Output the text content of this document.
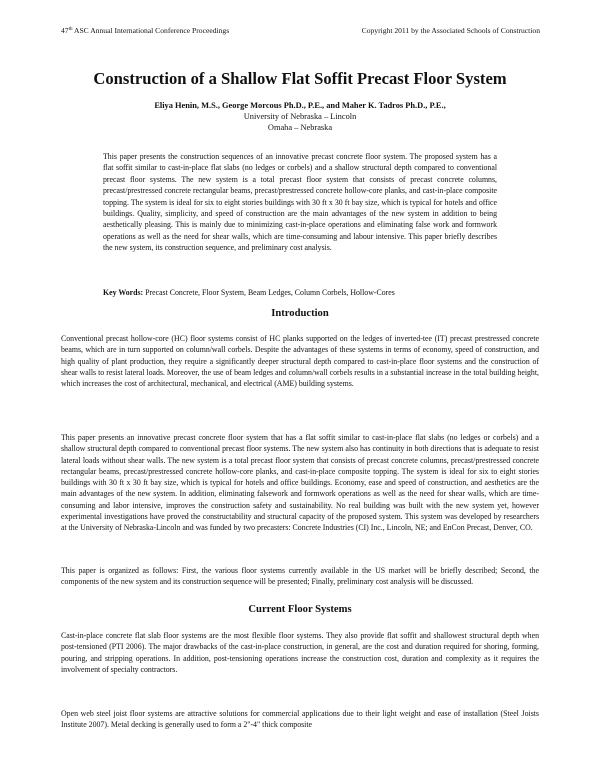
47th ASC Annual International Conference Proceedings	Copyright 2011 by the Associated Schools of Construction
Construction of a Shallow Flat Soffit Precast Floor System
Eliya Henin, M.S., George Morcous Ph.D., P.E., and Maher K. Tadros Ph.D., P.E.,
University of Nebraska – Lincoln
Omaha – Nebraska

This paper presents the construction sequences of an innovative precast concrete floor system. The proposed system has a flat soffit similar to cast-in-place flat slabs (no ledges or corbels) and a shallow structural depth compared to conventional precast floor systems. The new system is a total precast floor system that consists of precast concrete columns, precast/prestressed concrete rectangular beams, precast/prestressed concrete hollow-core planks, and cast-in-place composite topping. The system is ideal for six to eight stories buildings with 30 ft x 30 ft bay size, which is typical for hotels and office buildings. Quality, simplicity, and speed of construction are the main advantages of the new system in addition to being aesthetically pleasing. This is mainly due to minimizing cast-in-place operations and eliminating false work and formwork operations as well as the need for shear walls, which are time-consuming and labour intensive. This paper briefly describes the new system, its construction sequence, and preliminary cost analysis.

Key Words: Precast Concrete, Floor System, Beam Ledges, Column Corbels, Hollow-Cores
Introduction

Conventional precast hollow-core (HC) floor systems consist of HC planks supported on the ledges of inverted-tee (IT) precast prestressed concrete beams, which are in turn supported on column/wall corbels. Despite the advantages of these systems in terms of economy, speed of construction, and high quality of plant production, they require a significantly deeper structural depth compared to cast-in-place floor systems and the construction of shear walls to resist lateral loads. Moreover, the use of beam ledges and column/wall corbels results in a substantial increase in the total building height, which increases the cost of architectural, mechanical, and electrical (AME) building systems.

This paper presents an innovative precast concrete floor system that has a flat soffit similar to cast-in-place flat slabs (no ledges or corbels) and a shallow structural depth compared to conventional precast floor systems. The new system also has continuity in both directions that is adequate to resist lateral loads without shear walls. The new system is a total precast floor system that consists of precast concrete columns, precast/prestressed concrete rectangular beams, precast/prestressed concrete hollow-core planks, and cast-in-place composite topping. The system is ideal for six to eight stories buildings with 30 ft x 30 ft bay size, which is typical for hotels and office buildings. Economy, ease and speed of construction, and aesthetics are the main advantages of the new system. In addition, eliminating falsework and formwork operations as well as the need for shear walls, which are time-consuming and labor intensive, improves the construction safety and sustainability. No real building was built with the new system yet, however experimental investigations have proved the constructability and structural capacity of the proposed system. This system was developed by researchers at the University of Nebraska-Lincoln and was funded by two precasters: Concrete Industries (CI) Inc., Lincoln, NE; and EnCon Precast, Denver, CO.

This paper is organized as follows: First, the various floor systems currently available in the US market will be briefly described; Second, the components of the new system and its construction sequence will be presented; Finally, preliminary cost analysis will be discussed.

Current Floor Systems

Cast-in-place concrete flat slab floor systems are the most flexible floor systems. They also provide flat soffit and shallowest structural depth when post-tensioned (PTI 2006). The major drawbacks of the cast-in-place construction, in general, are the cost and duration required for shoring, forming, pouring, and stripping operations. In addition, post-tensioning operations increase the construction cost, duration and complexity as it requires the involvement of specialty contractors.

Open web steel joist floor systems are attractive solutions for commercial applications due to their light weight and ease of installation (Steel Joists Institute 2007). Metal decking is generally used to form a 2"-4" thick composite
